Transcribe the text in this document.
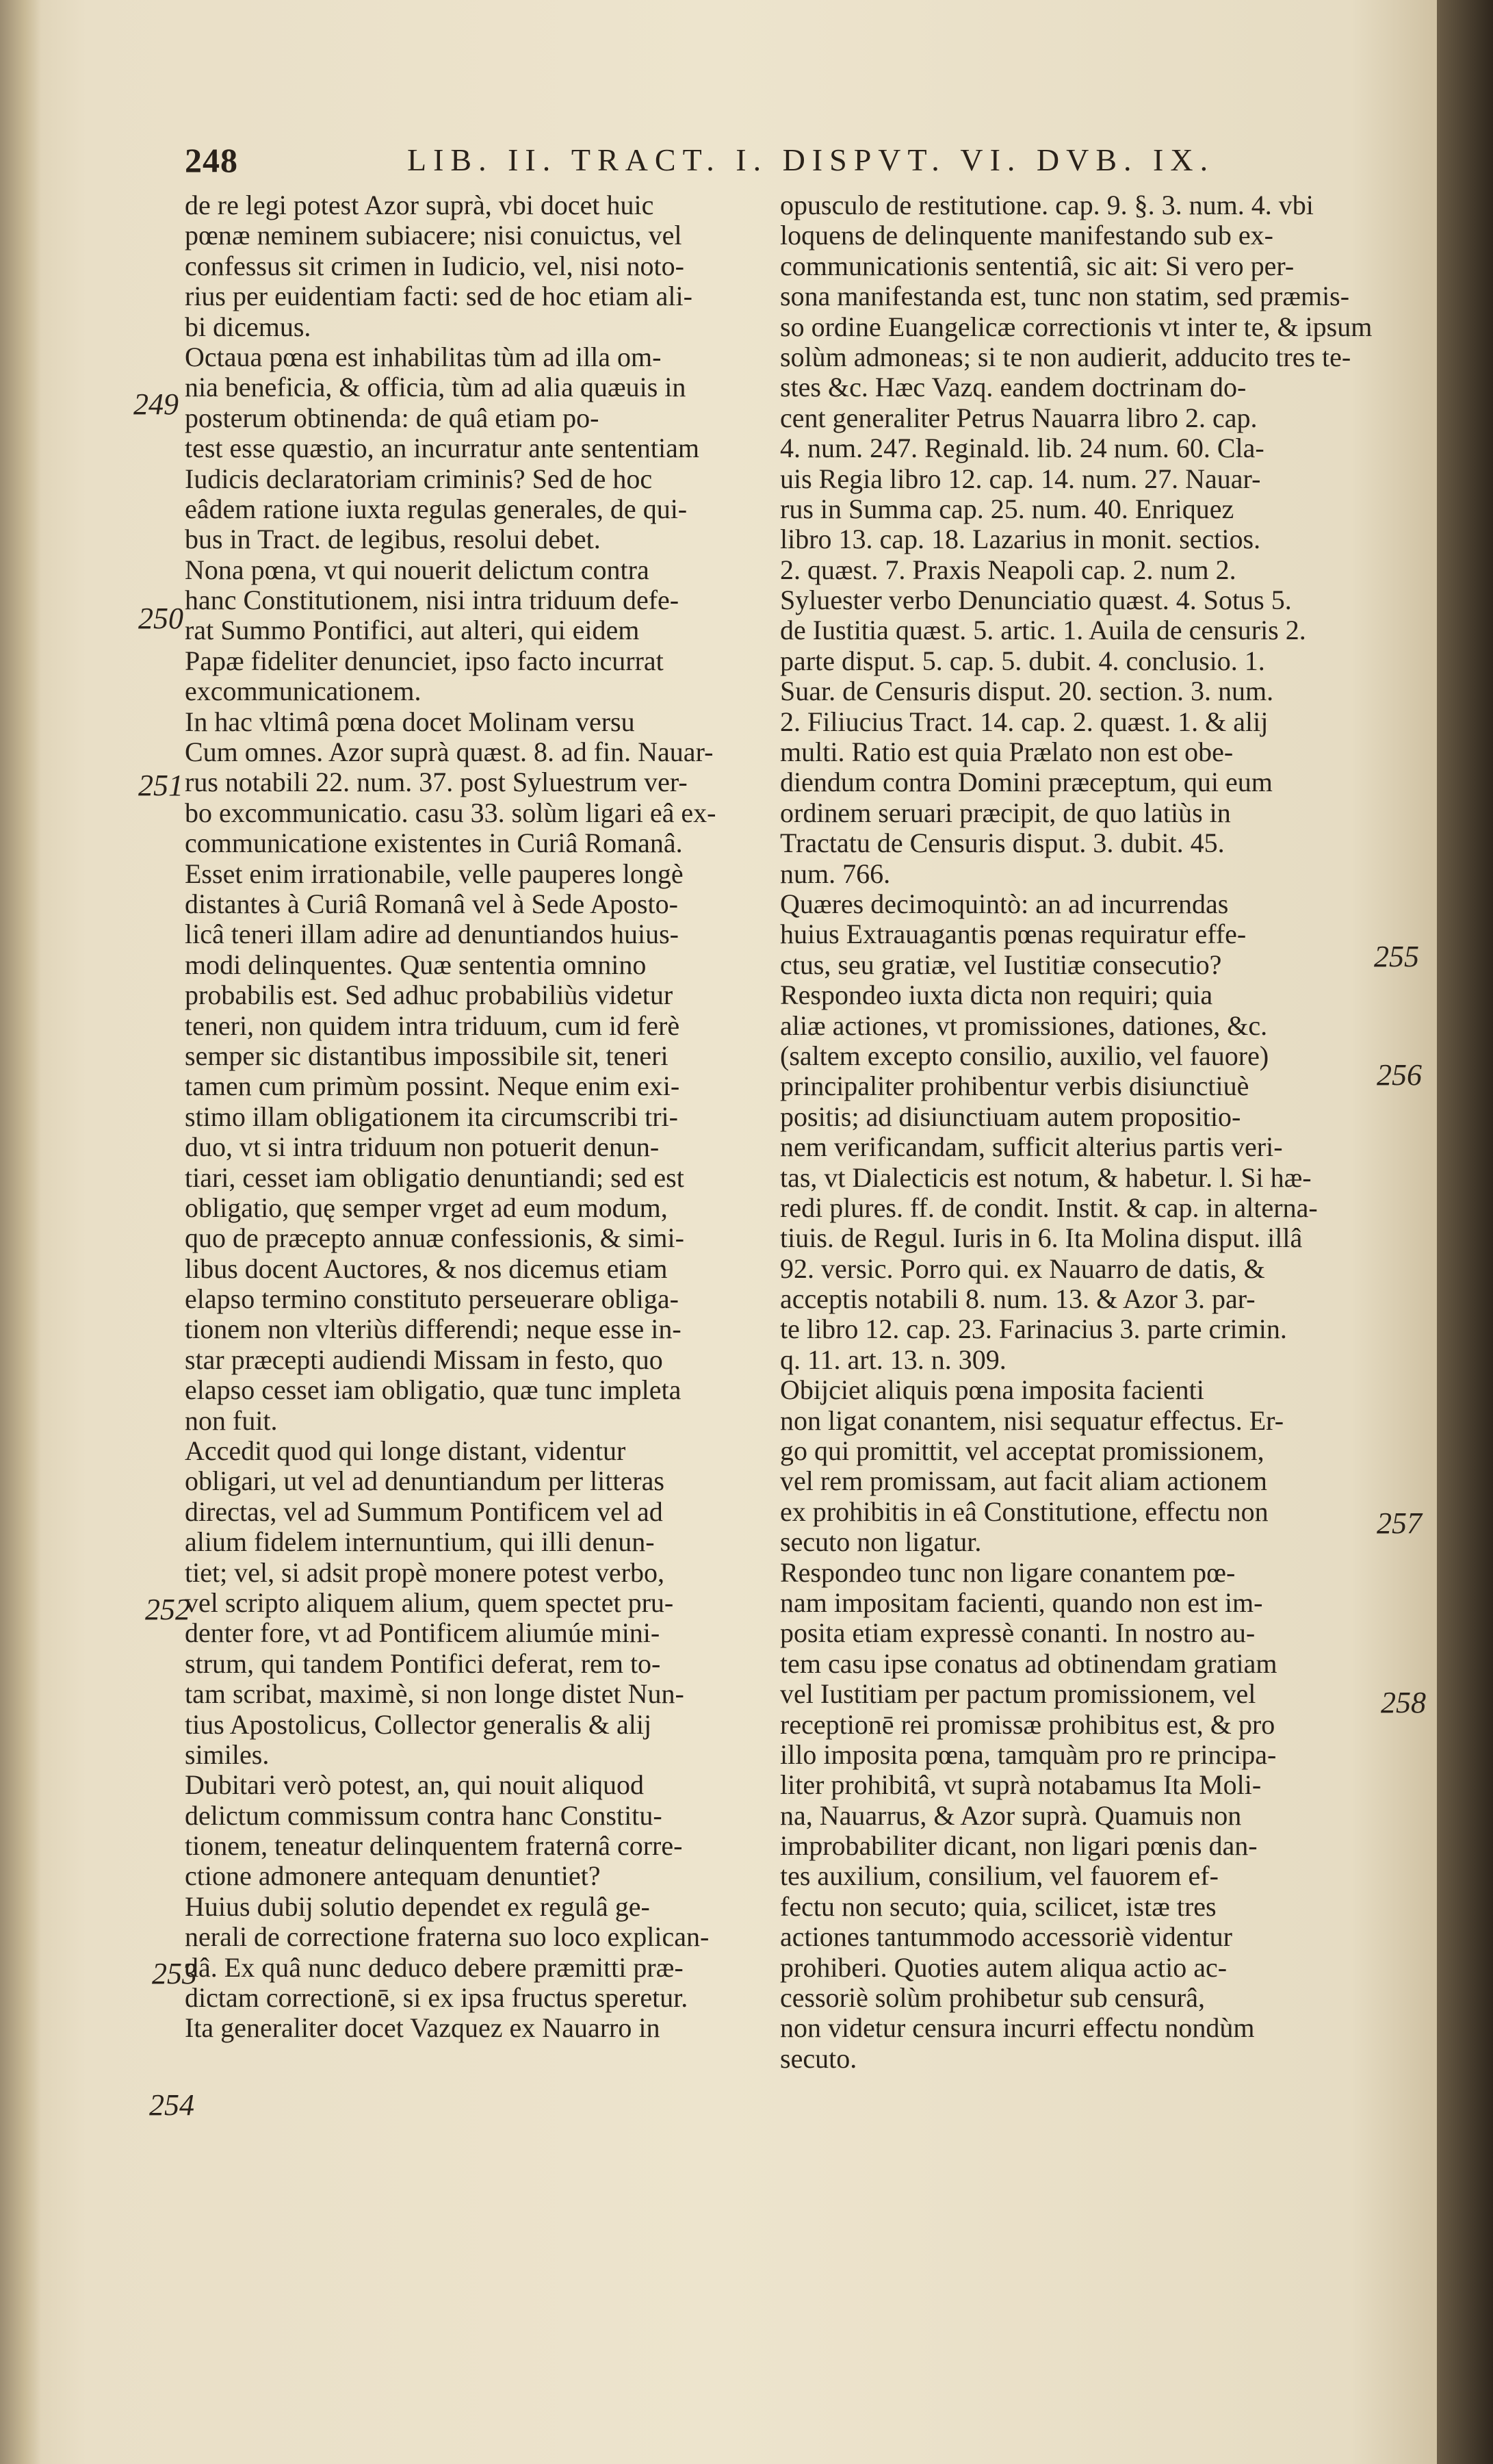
248	LIB. II. TRACT. I. DISPVT. VI. DVB. IX.
de re legi potest Azor suprà, vbi docet huic
pœnæ neminem subiacere; nisi conuictus, vel
confessus sit crimen in Iudicio, vel, nisi noto-
rius per euidentiam facti: sed de hoc etiam ali-
bi dicemus.
Octaua pœna est inhabilitas tùm ad illa om-
nia beneficia, & officia, tùm ad alia quæuis in
posterum obtinenda: de quâ etiam po-
test esse quæstio, an incurratur ante sententiam
Iudicis declaratoriam criminis? Sed de hoc
eâdem ratione iuxta regulas generales, de qui-
bus in Tract. de legibus, resolui debet.
Nona pœna, vt qui nouerit delictum contra
hanc Constitutionem, nisi intra triduum defe-
rat Summo Pontifici, aut alteri, qui eidem
Papæ fideliter denunciet, ipso facto incurrat
excommunicationem.
In hac vltimâ pœna docet Molinam versu
Cum omnes. Azor suprà quæst. 8. ad fin. Nauar-
rus notabili 22. num. 37. post Syluestrum ver-
bo excommunicatio. casu 33. solùm ligari eâ ex-
communicatione existentes in Curiâ Romanâ.
Esset enim irrationabile, velle pauperes longè
distantes à Curiâ Romanâ vel à Sede Aposto-
licâ teneri illam adire ad denuntiandos huius-
modi delinquentes. Quæ sententia omnino
probabilis est. Sed adhuc probabiliùs videtur
teneri, non quidem intra triduum, cum id ferè
semper sic distantibus impossibile sit, teneri
tamen cum primùm possint. Neque enim exi-
stimo illam obligationem ita circumscribi tri-
duo, vt si intra triduum non potuerit denun-
tiari, cesset iam obligatio denuntiandi; sed est
obligatio, quę semper vrget ad eum modum,
quo de præcepto annuæ confessionis, & simi-
libus docent Auctores, & nos dicemus etiam
elapso termino constituto perseuerare obliga-
tionem non vlteriùs differendi; neque esse in-
star præcepti audiendi Missam in festo, quo
elapso cesset iam obligatio, quæ tunc impleta
non fuit.
Accedit quod qui longe distant, videntur
obligari, ut vel ad denuntiandum per litteras
directas, vel ad Summum Pontificem vel ad
alium fidelem internuntium, qui illi denun-
tiet; vel, si adsit propè monere potest verbo,
vel scripto aliquem alium, quem spectet pru-
denter fore, vt ad Pontificem aliumúe mini-
strum, qui tandem Pontifici deferat, rem to-
tam scribat, maximè, si non longe distet Nun-
tius Apostolicus, Collector generalis & alij
similes.
Dubitari verò potest, an, qui nouit aliquod
delictum commissum contra hanc Constitu-
tionem, teneatur delinquentem fraternâ corre-
ctione admonere antequam denuntiet?
Huius dubij solutio dependet ex regulâ ge-
nerali de correctione fraterna suo loco explican-
dâ. Ex quâ nunc deduco debere præmitti præ-
dictam correctionē, si ex ipsa fructus speretur.
Ita generaliter docet Vazquez ex Nauarro in
opusculo de restitutione. cap. 9. §. 3. num. 4. vbi
loquens de delinquente manifestando sub ex-
communicationis sententiâ, sic ait: Si vero per-
sona manifestanda est, tunc non statim, sed præmis-
so ordine Euangelicæ correctionis vt inter te, & ipsum
solùm admoneas; si te non audierit, adducito tres te-
stes &c. Hæc Vazq. eandem doctrinam do-
cent generaliter Petrus Nauarra libro 2. cap.
4. num. 247. Reginald. lib. 24 num. 60. Cla-
uis Regia libro 12. cap. 14. num. 27. Nauar-
rus in Summa cap. 25. num. 40. Enriquez
libro 13. cap. 18. Lazarius in monit. sectios.
2. quæst. 7. Praxis Neapoli cap. 2. num 2.
Syluester verbo Denunciatio quæst. 4. Sotus 5.
de Iustitia quæst. 5. artic. 1. Auila de censuris 2.
parte disput. 5. cap. 5. dubit. 4. conclusio. 1.
Suar. de Censuris disput. 20. section. 3. num.
2. Filiucius Tract. 14. cap. 2. quæst. 1. & alij
multi. Ratio est quia Prælato non est obe-
diendum contra Domini præceptum, qui eum
ordinem seruari præcipit, de quo latiùs in
Tractatu de Censuris disput. 3. dubit. 45.
num. 766.
Quæres decimoquintò: an ad incurrendas
huius Extrauagantis pœnas requiratur effe-
ctus, seu gratiæ, vel Iustitiæ consecutio?
Respondeo iuxta dicta non requiri; quia
aliæ actiones, vt promissiones, dationes, &c.
(saltem excepto consilio, auxilio, vel fauore)
principaliter prohibentur verbis disiunctiuè
positis; ad disiunctiuam autem propositio-
nem verificandam, sufficit alterius partis veri-
tas, vt Dialecticis est notum, & habetur. l. Si hæ-
redi plures. ff. de condit. Instit. & cap. in alterna-
tiuis. de Regul. Iuris in 6. Ita Molina disput. illâ
92. versic. Porro qui. ex Nauarro de datis, &
acceptis notabili 8. num. 13. & Azor 3. par-
te libro 12. cap. 23. Farinacius 3. parte crimin.
q. 11. art. 13. n. 309.
Obijciet aliquis pœna imposita facienti
non ligat conantem, nisi sequatur effectus. Er-
go qui promittit, vel acceptat promissionem,
vel rem promissam, aut facit aliam actionem
ex prohibitis in eâ Constitutione, effectu non
secuto non ligatur.
Respondeo tunc non ligare conantem pœ-
nam impositam facienti, quando non est im-
posita etiam expressè conanti. In nostro au-
tem casu ipse conatus ad obtinendam gratiam
vel Iustitiam per pactum promissionem, vel
receptionē rei promissæ prohibitus est, & pro
illo imposita pœna, tamquàm pro re principa-
liter prohibitâ, vt suprà notabamus Ita Moli-
na, Nauarrus, & Azor suprà. Quamuis non
improbabiliter dicant, non ligari pœnis dan-
tes auxilium, consilium, vel fauorem ef-
fectu non secuto; quia, scilicet, istæ tres
actiones tantummodo accessoriè videntur
prohiberi. Quoties autem aliqua actio ac-
cessoriè solùm prohibetur sub censurâ,
non videtur censura incurri effectu nondùm
secuto.
249
250
251
252
253
254
255
256
257
258
